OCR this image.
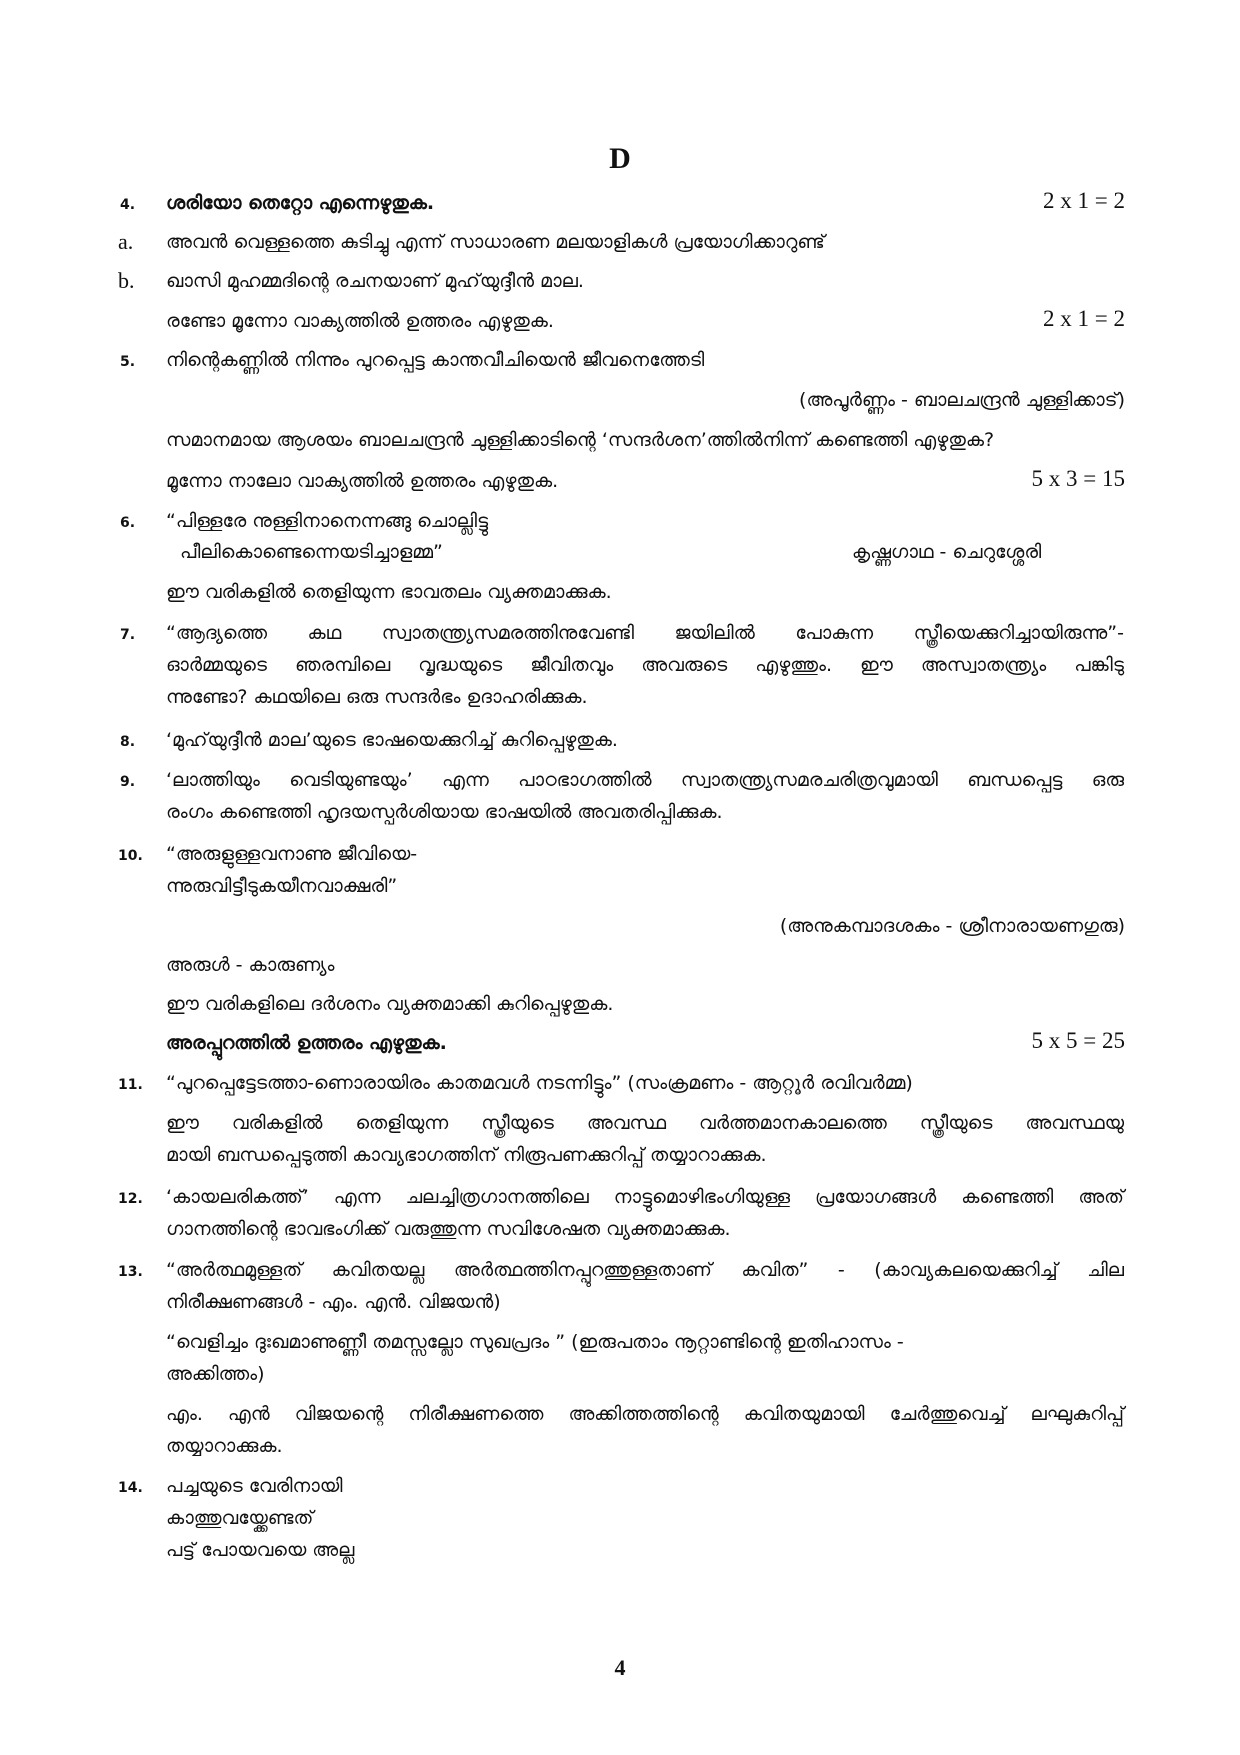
D
4. ശരിയോ തെറ്റോ എന്നെഴുതുക.	2 x 1 = 2
a. അവൻ വെള്ളത്തെ കുടിച്ചു എന്ന് സാധാരണ മലയാളികൾ പ്രയോഗിക്കാറുണ്ട്
b. ഖാസി മുഹമ്മദിന്റെ രചനയാണ് മുഹ്‌യുദ്ദീൻ മാല.
രണ്ടോ മൂന്നോ വാക്യത്തിൽ ഉത്തരം എഴുതുക.	2 x 1 = 2
5. നിന്റെകണ്ണിൽ നിന്നും പുറപ്പെട്ട കാന്തവീചിയെൻ ജീവനെത്തേടി
(അപൂർണ്ണം - ബാലചന്ദ്രൻ ചുള്ളിക്കാട്)
സമാനമായ ആശയം ബാലചന്ദ്രൻ ചുള്ളിക്കാടിന്റെ ‘സന്ദർശന’ത്തിൽനിന്ന് കണ്ടെത്തി എഴുതുക?
മൂന്നോ നാലോ വാക്യത്തിൽ ഉത്തരം എഴുതുക.	5 x 3 = 15
6. “പിള്ളരേ നുള്ളിനാനെന്നങ്ങു ചൊല്ലിട്ടു
പീലികൊണ്ടെന്നെയടിച്ചാളമ്മ”	കൃഷ്ണഗാഥ - ചെറുശ്ശേരി
ഈ വരികളിൽ തെളിയുന്ന ഭാവതലം വ്യക്തമാക്കുക.
7. “ആദ്യത്തെ കഥ സ്വാതന്ത്ര്യസമരത്തിനുവേണ്ടി ജയിലിൽ പോകുന്ന സ്ത്രീയെക്കുറിച്ചായിരുന്നു”-
ഓർമ്മയുടെ ഞരമ്പിലെ വൃദ്ധയുടെ ജീവിതവും അവരുടെ എഴുത്തും. ഈ അസ്വാതന്ത്ര്യം പങ്കിടു
ന്നുണ്ടോ? കഥയിലെ ഒരു സന്ദർഭം ഉദാഹരിക്കുക.
8. ‘മുഹ്‌യുദ്ദീൻ മാല’യുടെ ഭാഷയെക്കുറിച്ച് കുറിപ്പെഴുതുക.
9. ‘ലാത്തിയും വെടിയുണ്ടയും’ എന്ന പാഠഭാഗത്തിൽ സ്വാതന്ത്ര്യസമരചരിത്രവുമായി ബന്ധപ്പെട്ട ഒരു
രംഗം കണ്ടെത്തി ഹൃദയസ്പർശിയായ ഭാഷയിൽ അവതരിപ്പിക്കുക.
10. “അരുളുള്ളവനാണു ജീവിയെ-
ന്നുരുവിട്ടീടുകയീനവാക്ഷരി”
(അനുകമ്പാദശകം - ശ്രീനാരായണഗുരു)
അരുൾ - കാരുണ്യം
ഈ വരികളിലെ ദർശനം വ്യക്തമാക്കി കുറിപ്പെഴുതുക.
അരപ്പുറത്തിൽ ഉത്തരം എഴുതുക.	5 x 5 = 25
11. “പുറപ്പെട്ടേടത്താ-ണൊരായിരം കാതമവൾ നടന്നിട്ടും” (സംക്രമണം - ആറ്റൂർ രവിവർമ്മ)
ഈ വരികളിൽ തെളിയുന്ന സ്ത്രീയുടെ അവസ്ഥ വർത്തമാനകാലത്തെ സ്ത്രീയുടെ അവസ്ഥയു
മായി ബന്ധപ്പെടുത്തി കാവ്യഭാഗത്തിന് നിരൂപണക്കുറിപ്പ് തയ്യാറാക്കുക.
12. ‘കായലരികത്ത്’ എന്ന ചലച്ചിത്രഗാനത്തിലെ നാട്ടുമൊഴിഭംഗിയുള്ള പ്രയോഗങ്ങൾ കണ്ടെത്തി അത്
ഗാനത്തിന്റെ ഭാവഭംഗിക്ക് വരുത്തുന്ന സവിശേഷത വ്യക്തമാക്കുക.
13. “അർത്ഥമുള്ളത് കവിതയല്ല അർത്ഥത്തിനപ്പുറത്തുള്ളതാണ് കവിത” - (കാവ്യകലയെക്കുറിച്ച് ചില
നിരീക്ഷണങ്ങൾ - എം. എൻ. വിജയൻ)
“വെളിച്ചം ദുഃഖമാണുണ്ണീ തമസ്സല്ലോ സുഖപ്രദം ” (ഇരുപതാം നൂറ്റാണ്ടിന്റെ ഇതിഹാസം -
അക്കിത്തം)
എം. എൻ വിജയന്റെ നിരീക്ഷണത്തെ അക്കിത്തത്തിന്റെ കവിതയുമായി ചേർത്തുവെച്ച് ലഘുകുറിപ്പ്
തയ്യാറാക്കുക.
14. പച്ചയുടെ വേരിനായി
കാത്തുവയ്ക്കേണ്ടത്
പട്ട് പോയവയെ അല്ല
4
